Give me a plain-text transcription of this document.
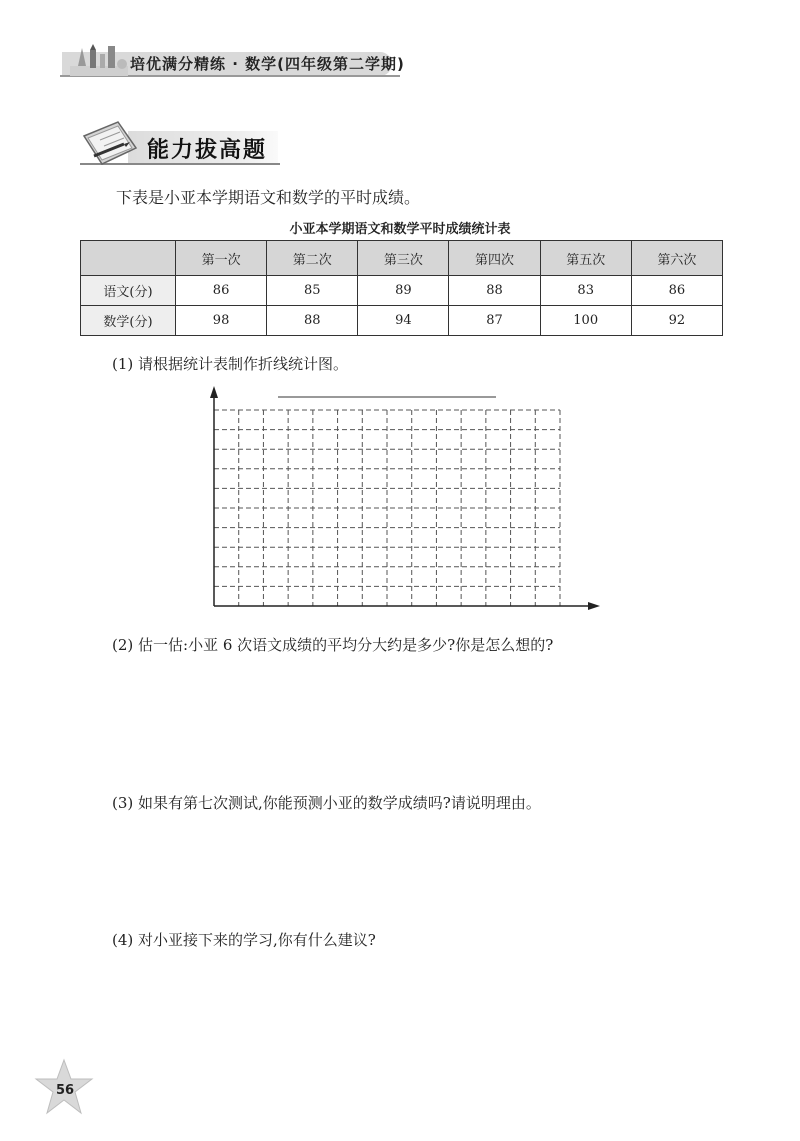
培优满分精练 · 数学(四年级第二学期)
能力拔高题
下表是小亚本学期语文和数学的平时成绩。
小亚本学期语文和数学平时成绩统计表
	第一次	第二次	第三次	第四次	第五次	第六次
语文(分)	86	85	89	88	83	86
数学(分)	98	88	94	87	100	92
(1) 请根据统计表制作折线统计图。
(2) 估一估:小亚 6 次语文成绩的平均分大约是多少?你是怎么想的?
(3) 如果有第七次测试,你能预测小亚的数学成绩吗?请说明理由。
(4) 对小亚接下来的学习,你有什么建议?
56
